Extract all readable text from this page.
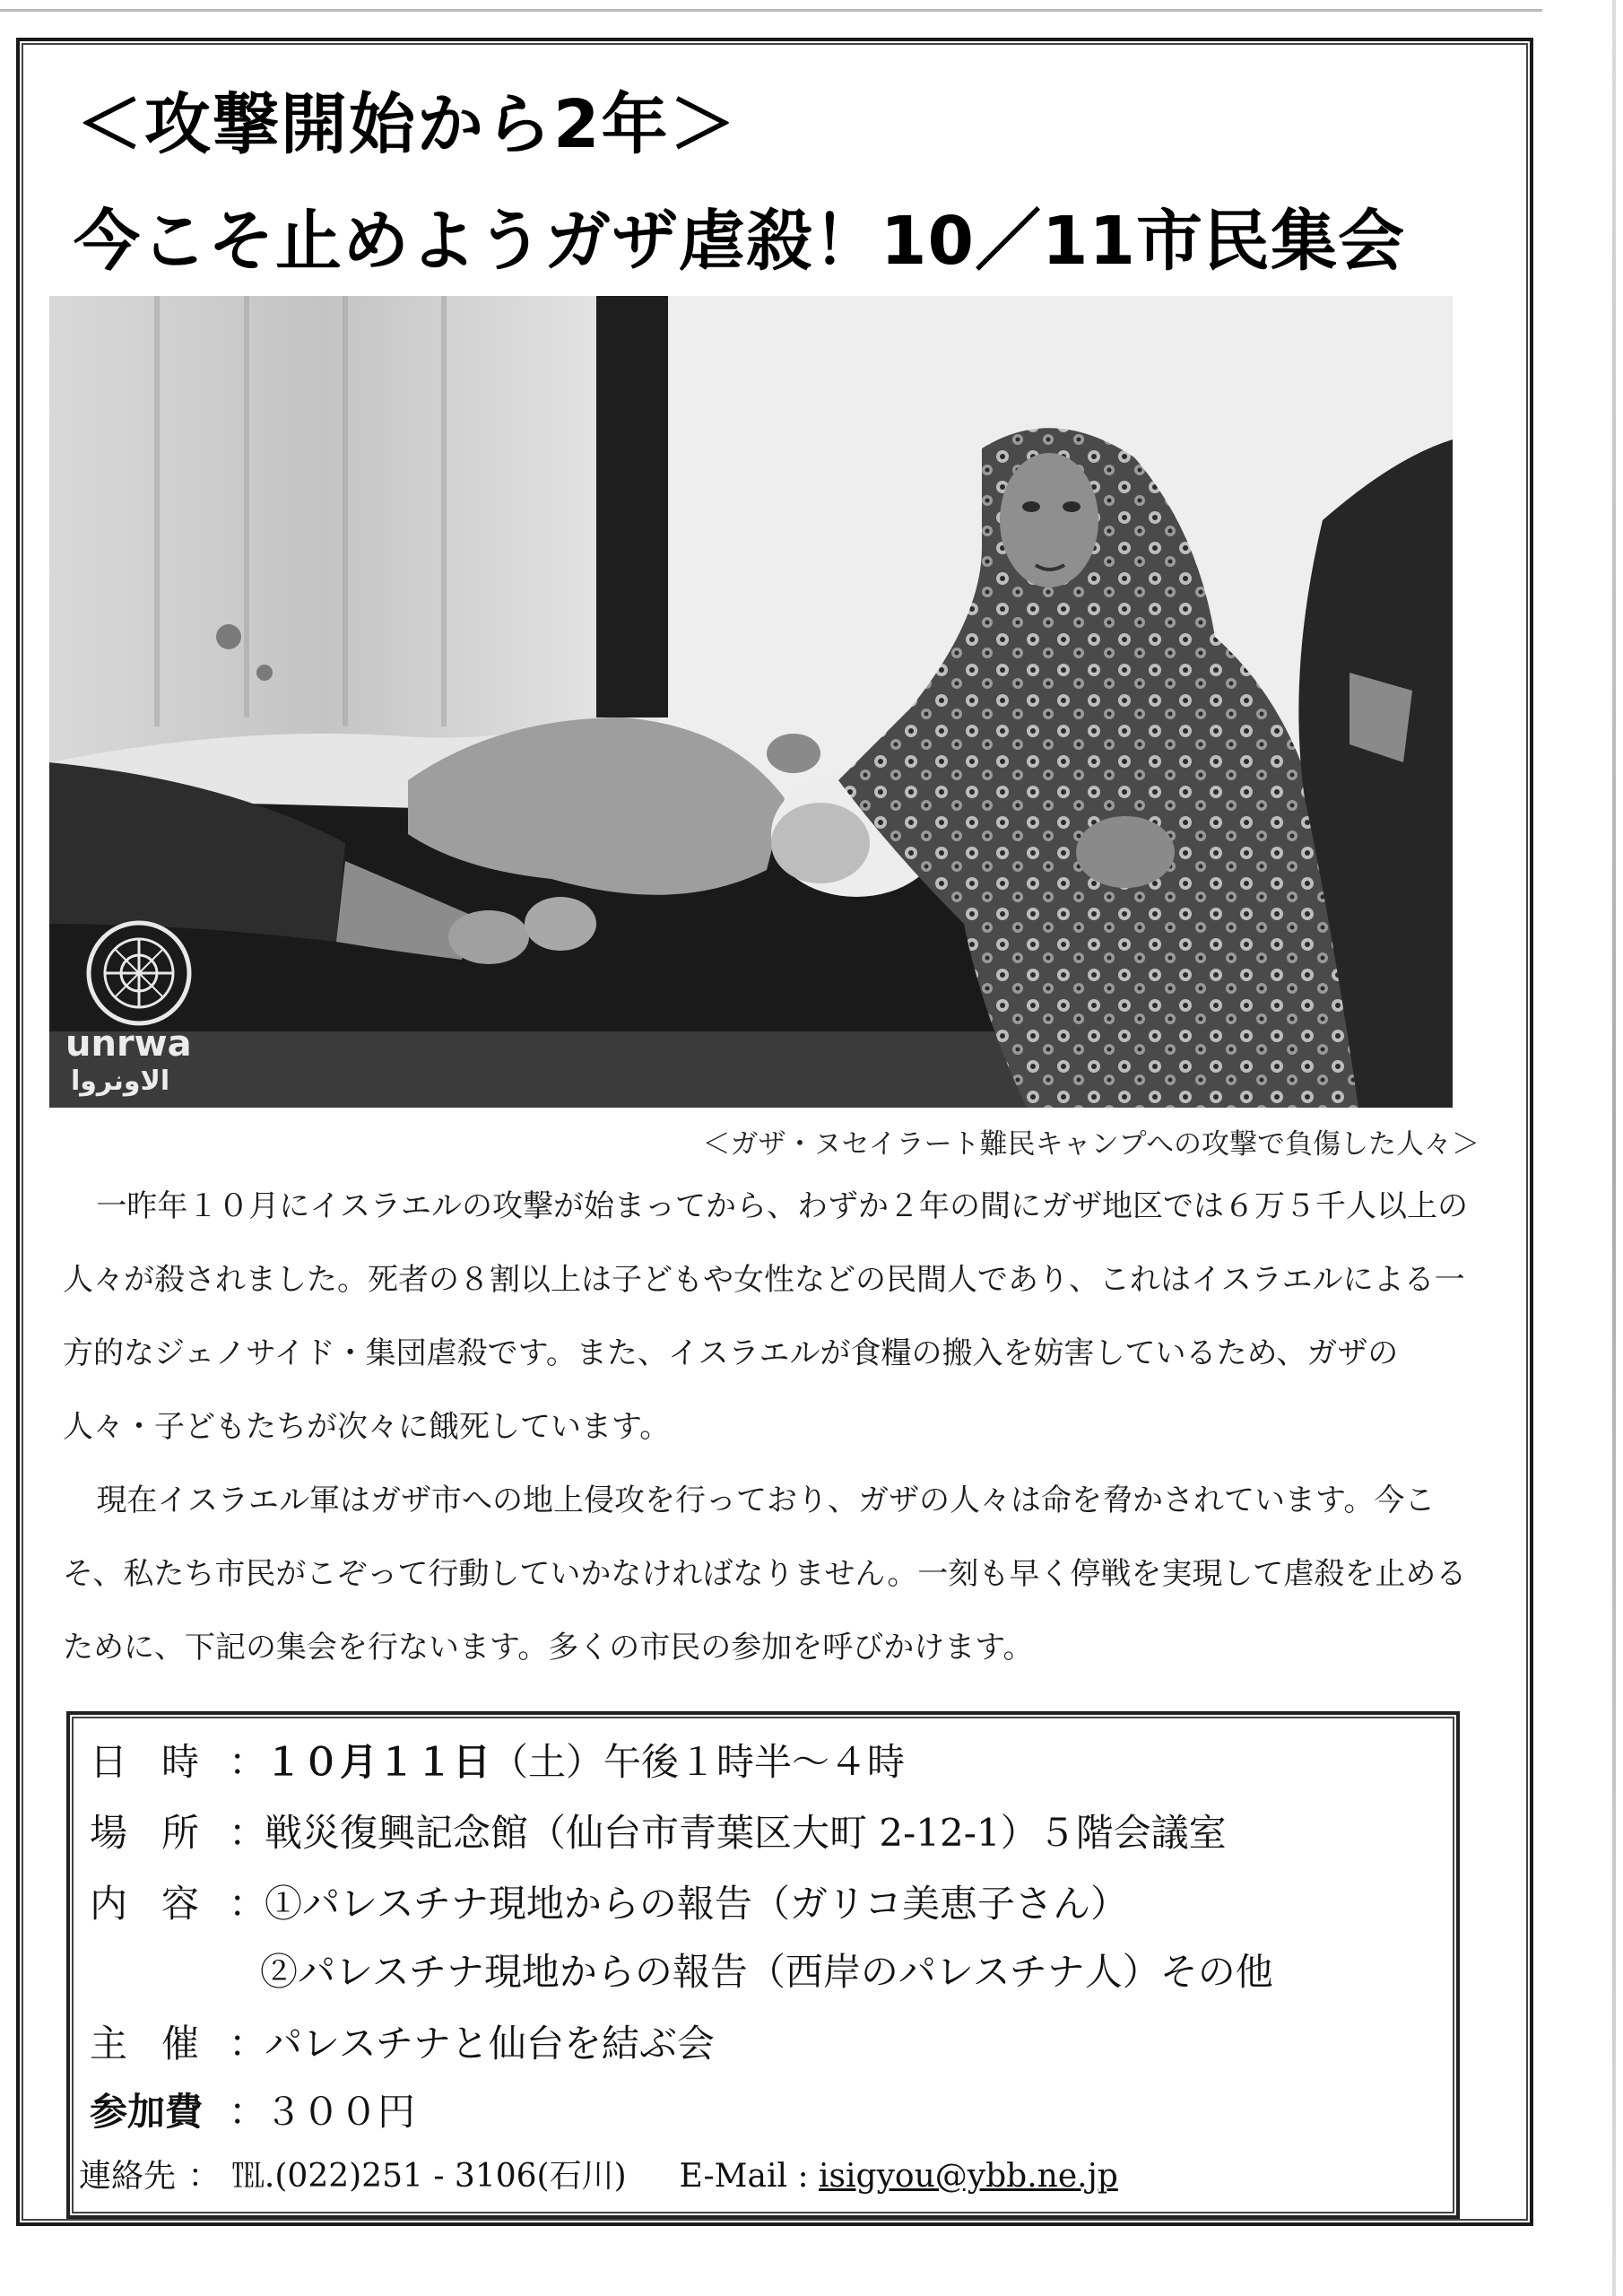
＜攻撃開始から2年＞
今こそ止めようガザ虐殺！10／11市民集会
unrwa
الاونروا
＜ガザ・ヌセイラート難民キャンプへの攻撃で負傷した人々＞

一昨年１０月にイスラエルの攻撃が始まってから、わずか２年の間にガザ地区では６万５千人以上の人々が殺されました。死者の８割以上は子どもや女性などの民間人であり、これはイスラエルによる一方的なジェノサイド・集団虐殺です。また、イスラエルが食糧の搬入を妨害しているため、ガザの人々・子どもたちが次々に餓死しています。

現在イスラエル軍はガザ市への地上侵攻を行っており、ガザの人々は命を脅かされています。今こそ、私たち市民がこぞって行動していかなければなりません。一刻も早く停戦を実現して虐殺を止めるために、下記の集会を行ないます。多くの市民の参加を呼びかけます。

日時
：
１０月１１日 （土）午後１時半～４時
場所
：
戦災復興記念館（仙台市青葉区大町 2-12-1）５階会議室
内容
：
①パレスチナ現地からの報告（ガリコ美恵子さん）
②パレスチナ現地からの報告（西岸のパレスチナ人）その他
主催
：
パレスチナと仙台を結ぶ会
参加費 ：
３００円
連絡先 ： ℡.(022)251 - 3106(石川) E-Mail : isigyou@ybb.ne.jp
